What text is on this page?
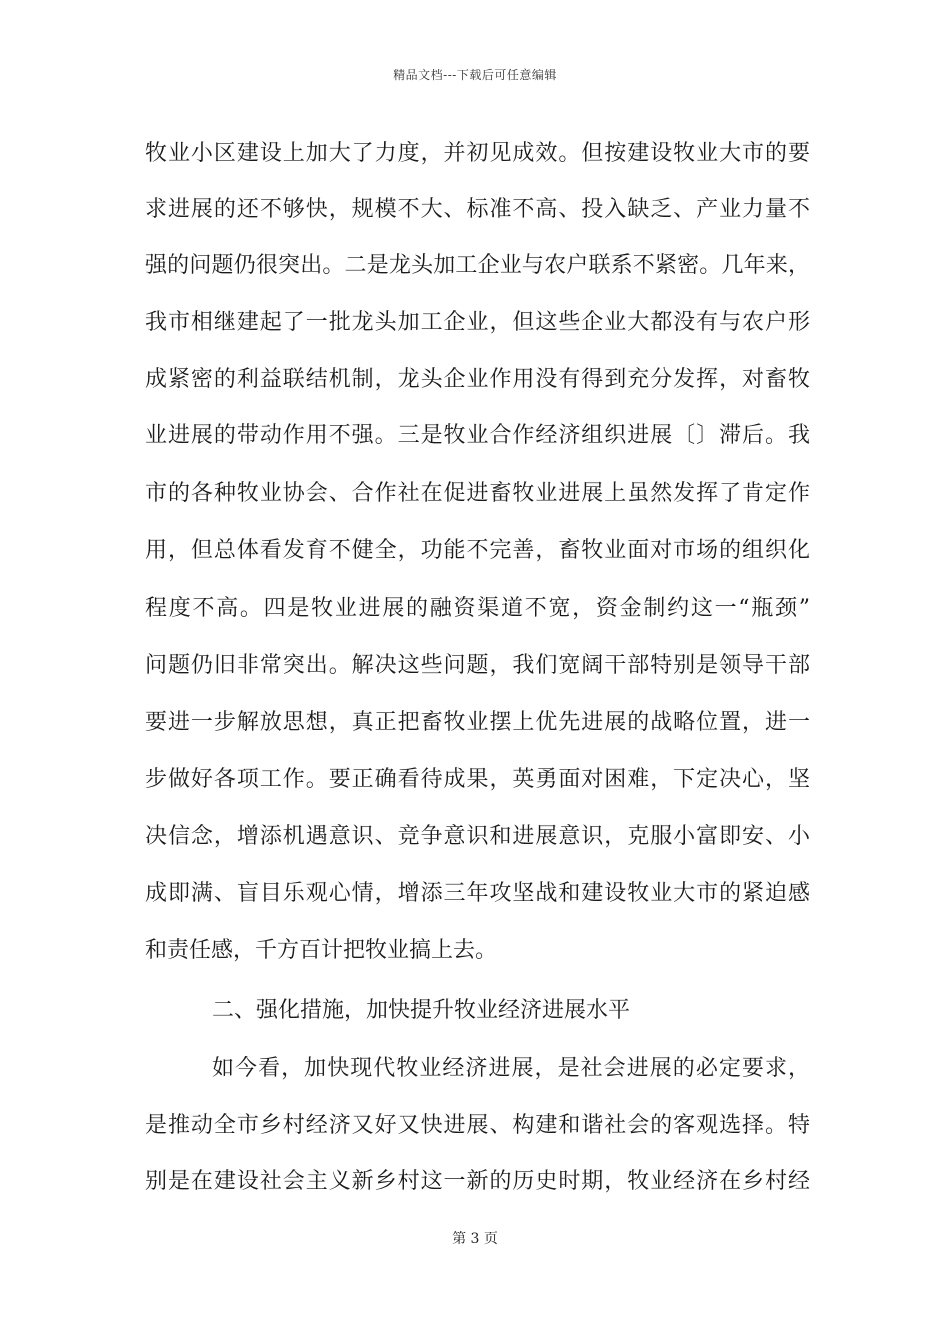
精品文档---下载后可任意编辑
牧业小区建设上加大了力度，并初见成效。但按建设牧业大市的要
求进展的还不够快，规模不大、标准不高、投入缺乏、产业力量不
强的问题仍很突出。二是龙头加工企业与农户联系不紧密。几年来，
我市相继建起了一批龙头加工企业，但这些企业大都没有与农户形
成紧密的利益联结机制，龙头企业作用没有得到充分发挥，对畜牧
业进展的带动作用不强。三是牧业合作经济组织进展〔〕滞后。我
市的各种牧业协会、合作社在促进畜牧业进展上虽然发挥了肯定作
用，但总体看发育不健全，功能不完善，畜牧业面对市场的组织化
程度不高。四是牧业进展的融资渠道不宽，资金制约这一“瓶颈”
问题仍旧非常突出。解决这些问题，我们宽阔干部特别是领导干部
要进一步解放思想，真正把畜牧业摆上优先进展的战略位置，进一
步做好各项工作。要正确看待成果，英勇面对困难，下定决心，坚
决信念，增添机遇意识、竞争意识和进展意识，克服小富即安、小
成即满、盲目乐观心情，增添三年攻坚战和建设牧业大市的紧迫感
和责任感，千方百计把牧业搞上去。
二、强化措施，加快提升牧业经济进展水平
如今看，加快现代牧业经济进展，是社会进展的必定要求，
是推动全市乡村经济又好又快进展、构建和谐社会的客观选择。特
别是在建设社会主义新乡村这一新的历史时期，牧业经济在乡村经
第 3 页
